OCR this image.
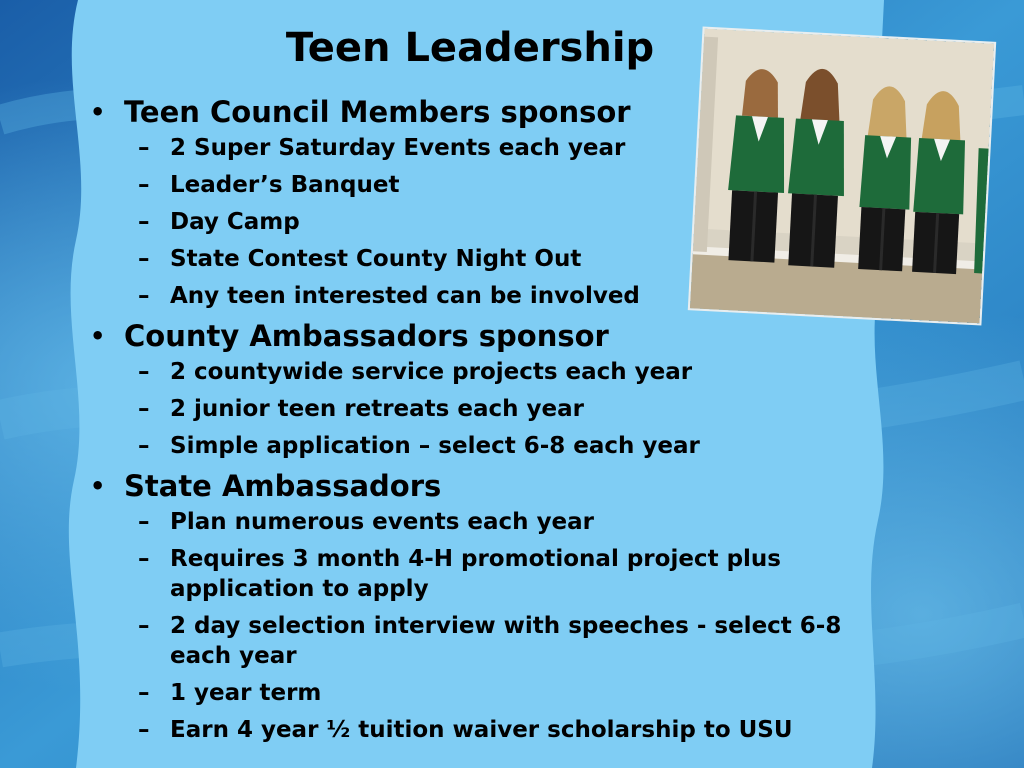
Teen Leadership
• Teen Council Members sponsor
– 2 Super Saturday Events each year
– Leader’s Banquet
– Day Camp
– State Contest County Night Out
– Any teen interested can be involved
• County Ambassadors sponsor
– 2 countywide service projects each year
– 2 junior teen retreats each year
– Simple application – select 6-8 each year
• State Ambassadors
– Plan numerous events each year
– Requires 3 month 4-H promotional project plus application to apply
– 2 day selection interview with speeches - select 6-8 each year
– 1 year term
– Earn 4 year ½ tuition waiver scholarship to USU
